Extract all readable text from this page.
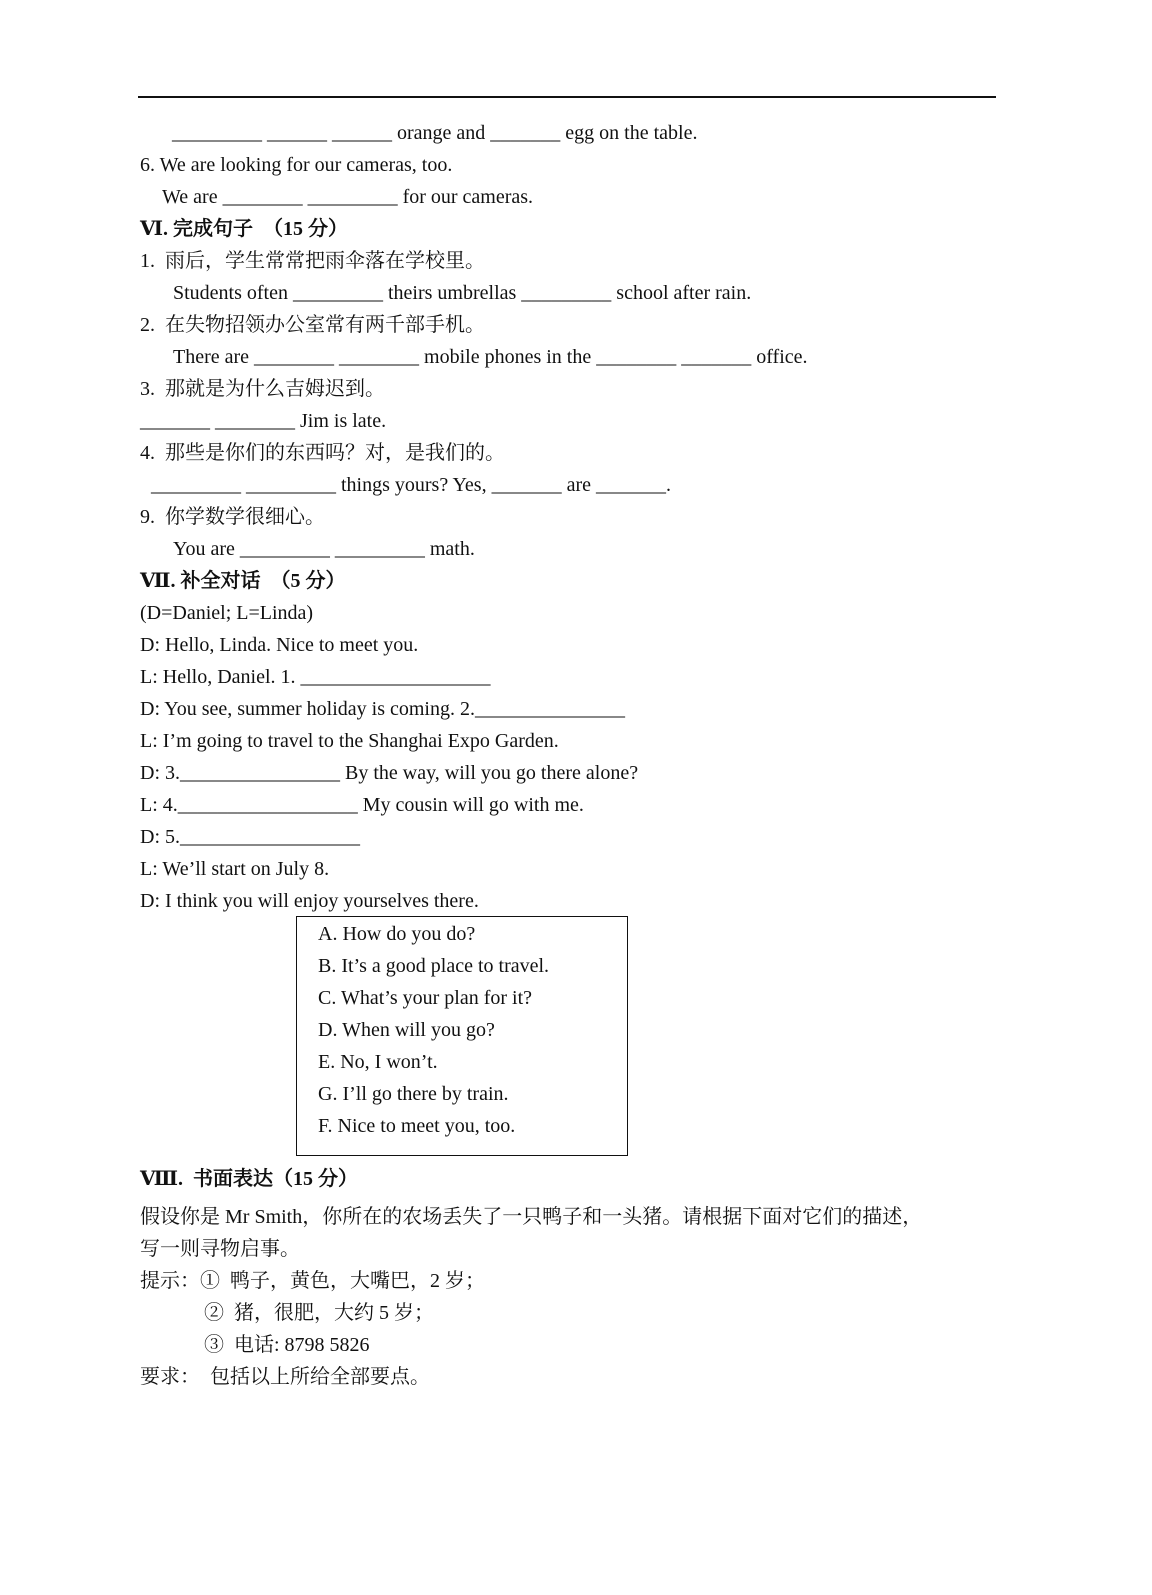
_________ ______ ______ orange and _______ egg on the table.
6. We are looking for our cameras, too.
We are ________ _________ for our cameras.
Ⅵ. 完成句子  （15 分）
1.  雨后，学生常常把雨伞落在学校里。
Students often _________ theirs umbrellas _________ school after rain.
2.  在失物招领办公室常有两千部手机。
There are ________ ________ mobile phones in the ________ _______ office.
3.  那就是为什么吉姆迟到。
_______ ________ Jim is late.
4.  那些是你们的东西吗？对，是我们的。
_________ _________ things yours? Yes, _______ are _______.
9.  你学数学很细心。
You are _________ _________ math.
Ⅶ. 补全对话  （5 分）
(D=Daniel; L=Linda)
D: Hello, Linda. Nice to meet you.
L: Hello, Daniel. 1. ___________________
D: You see, summer holiday is coming. 2._______________
L: I’m going to travel to the Shanghai Expo Garden.
D: 3.________________ By the way, will you go there alone?
L: 4.__________________ My cousin will go with me.
D: 5.__________________
L: We’ll start on July 8.
D: I think you will enjoy yourselves there.
A. How do you do?
B. It’s a good place to travel.
C. What’s your plan for it?
D. When will you go?
E. No, I won’t.
G. I’ll go there by train.
F. Nice to meet you, too.
Ⅷ.  书面表达（15 分）
假设你是 Mr Smith，你所在的农场丢失了一只鸭子和一头猪。请根据下面对它们的描述，
写一则寻物启事。
提示：①  鸭子，黄色，大嘴巴，2 岁；
②  猪，很肥，大约 5 岁；
③  电话: 8798 5826
要求：  包括以上所给全部要点。
